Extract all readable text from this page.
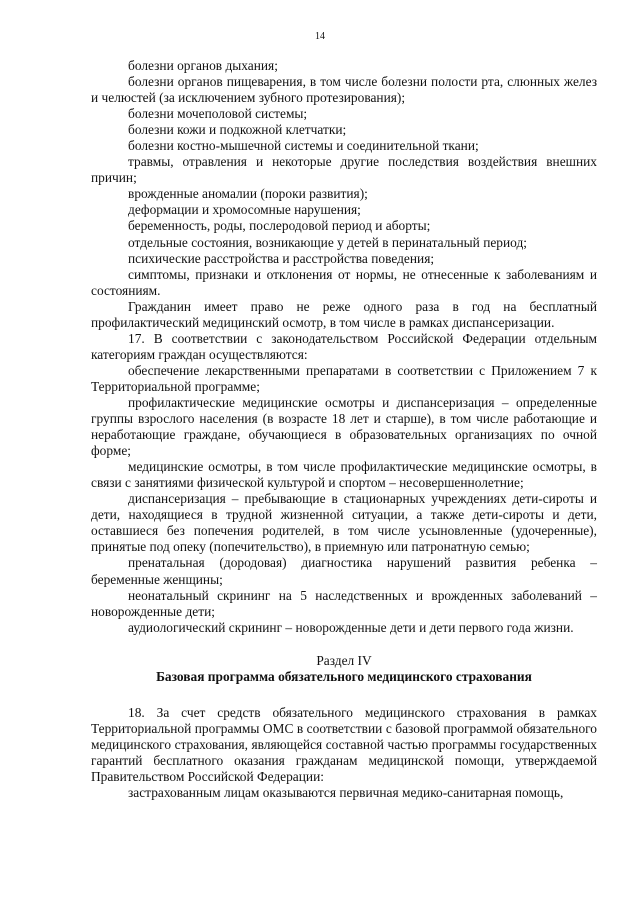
14

болезни органов дыхания;

болезни органов пищеварения, в том числе болезни полости рта, слюнных желез и челюстей (за исключением зубного протезирования);

болезни мочеполовой системы;

болезни кожи и подкожной клетчатки;

болезни костно-мышечной системы и соединительной ткани;

травмы, отравления и некоторые другие последствия воздействия внешних причин;

врожденные аномалии (пороки развития);

деформации и хромосомные нарушения;

беременность, роды, послеродовой период и аборты;

отдельные состояния, возникающие у детей в перинатальный период;

психические расстройства и расстройства поведения;

симптомы, признаки и отклонения от нормы, не отнесенные к заболеваниям и состояниям.

Гражданин имеет право не реже одного раза в год на бесплатный профилактический медицинский осмотр, в том числе в рамках диспансеризации.

17. В соответствии с законодательством Российской Федерации отдельным категориям граждан осуществляются:

обеспечение лекарственными препаратами в соответствии с Приложением 7 к Территориальной программе;

профилактические медицинские осмотры и диспансеризация – определенные группы взрослого населения (в возрасте 18 лет и старше), в том числе работающие и неработающие граждане, обучающиеся в образовательных организациях по очной форме;

медицинские осмотры, в том числе профилактические медицинские осмотры, в связи с занятиями физической культурой и спортом – несовершеннолетние;

диспансеризация – пребывающие в стационарных учреждениях дети-сироты и дети, находящиеся в трудной жизненной ситуации, а также дети-сироты и дети, оставшиеся без попечения родителей, в том числе усыновленные (удочеренные), принятые под опеку (попечительство), в приемную или патронатную семью;

пренатальная (дородовая) диагностика нарушений развития ребенка – беременные женщины;

неонатальный скрининг на 5 наследственных и врожденных заболеваний – новорожденные дети;

аудиологический скрининг – новорожденные дети и дети первого года жизни.

Раздел IV

Базовая программа обязательного медицинского страхования

18. За счет средств обязательного медицинского страхования в рамках Территориальной программы ОМС в соответствии с базовой программой обязательного медицинского страхования, являющейся составной частью программы государственных гарантий бесплатного оказания гражданам медицинской помощи, утверждаемой Правительством Российской Федерации:

застрахованным лицам оказываются первичная медико-санитарная помощь,
